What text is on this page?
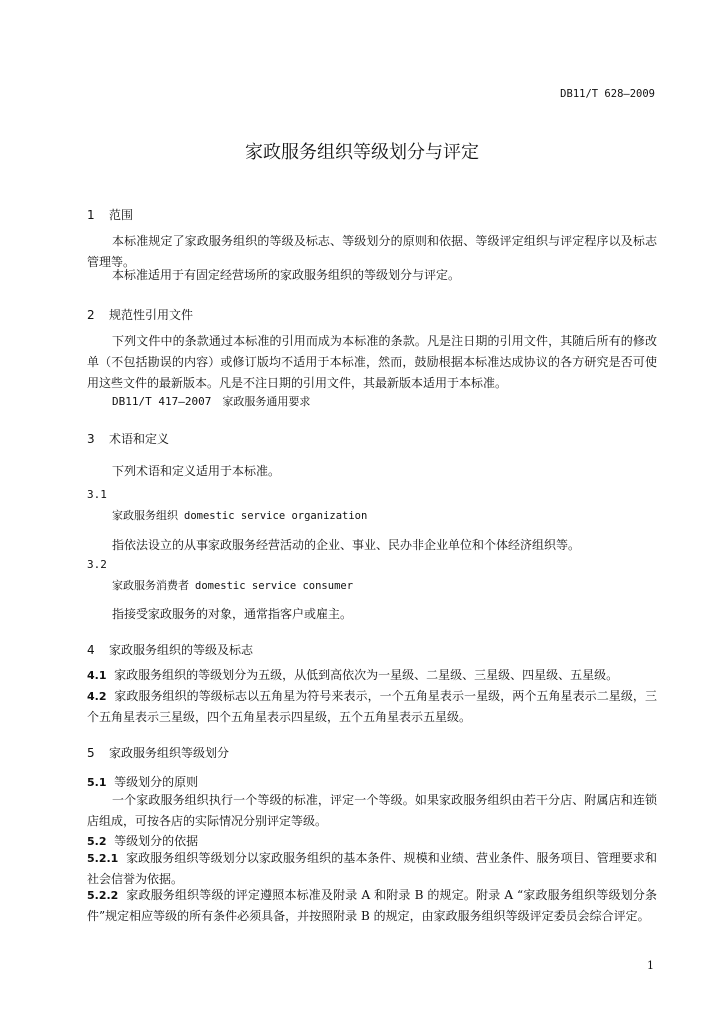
DB11/T 628—2009
家政服务组织等级划分与评定
1 范围
本标准规定了家政服务组织的等级及标志、等级划分的原则和依据、等级评定组织与评定程序以及标志管理等。
本标准适用于有固定经营场所的家政服务组织的等级划分与评定。
2 规范性引用文件
下列文件中的条款通过本标准的引用而成为本标准的条款。凡是注日期的引用文件，其随后所有的修改单（不包括勘误的内容）或修订版均不适用于本标准，然而，鼓励根据本标准达成协议的各方研究是否可使用这些文件的最新版本。凡是不注日期的引用文件，其最新版本适用于本标准。
DB11/T 417—2007　家政服务通用要求
3 术语和定义
下列术语和定义适用于本标准。
3.1
家政服务组织 domestic service organization
指依法设立的从事家政服务经营活动的企业、事业、民办非企业单位和个体经济组织等。
3.2
家政服务消费者 domestic service consumer
指接受家政服务的对象，通常指客户或雇主。
4 家政服务组织的等级及标志
4.1 家政服务组织的等级划分为五级，从低到高依次为一星级、二星级、三星级、四星级、五星级。
4.2 家政服务组织的等级标志以五角星为符号来表示，一个五角星表示一星级，两个五角星表示二星级，三个五角星表示三星级，四个五角星表示四星级，五个五角星表示五星级。
5 家政服务组织等级划分
5.1 等级划分的原则
一个家政服务组织执行一个等级的标准，评定一个等级。如果家政服务组织由若干分店、附属店和连锁店组成，可按各店的实际情况分别评定等级。
5.2 等级划分的依据
5.2.1 家政服务组织等级划分以家政服务组织的基本条件、规模和业绩、营业条件、服务项目、管理要求和社会信誉为依据。
5.2.2 家政服务组织等级的评定遵照本标准及附录 A 和附录 B 的规定。附录 A “家政服务组织等级划分条件”规定相应等级的所有条件必须具备，并按照附录 B 的规定，由家政服务组织等级评定委员会综合评定。
1
